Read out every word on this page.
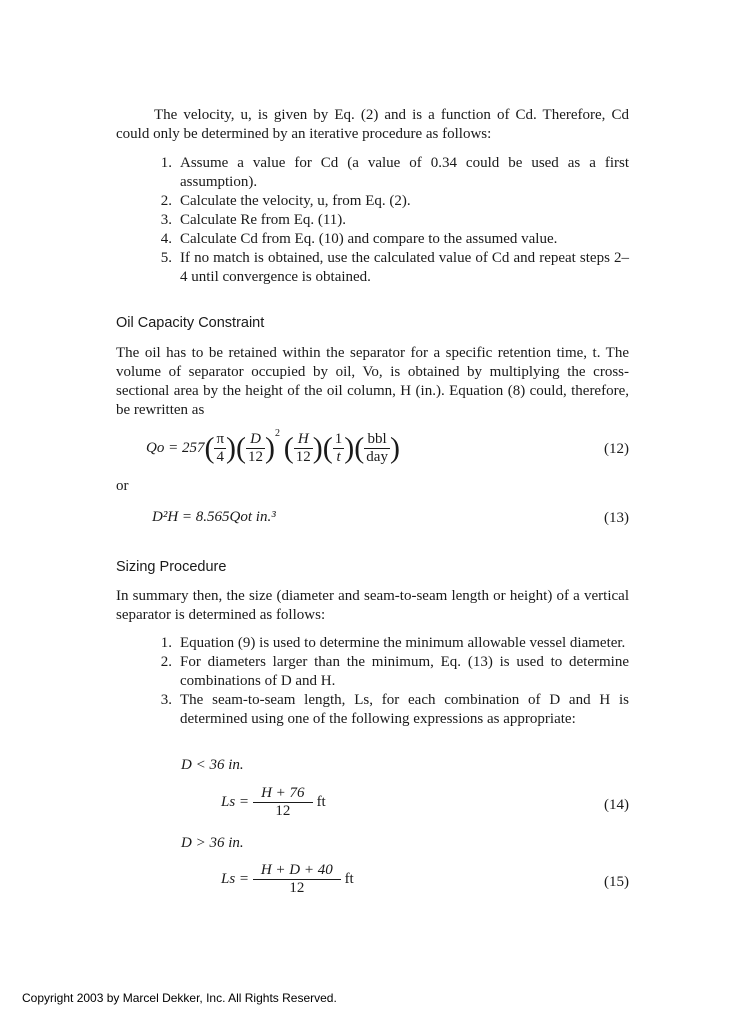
The velocity, u, is given by Eq. (2) and is a function of Cd. Therefore, Cd could only be determined by an iterative procedure as follows:

1. Assume a value for Cd (a value of 0.34 could be used as a first assumption).
2. Calculate the velocity, u, from Eq. (2).
3. Calculate Re from Eq. (11).
4. Calculate Cd from Eq. (10) and compare to the assumed value.
5. If no match is obtained, use the calculated value of Cd and repeat steps 2–4 until convergence is obtained.
Oil Capacity Constraint

The oil has to be retained within the separator for a specific retention time, t. The volume of separator occupied by oil, Vo, is obtained by multiplying the cross-sectional area by the height of the oil column, H (in.). Equation (8) could, therefore, be rewritten as

$Qo = 257( \frac{\pi}{4}$ )( $\frac{D}{12} )^2$ ( $\frac{H}{12}$ )( $\frac{1}{t}$ )( $\frac{\text{bbl}}{\text{day}}$ )	(12)
or
D²H = 8.565Qot in.³	(13)
Sizing Procedure

In summary then, the size (diameter and seam-to-seam length or height) of a vertical separator is determined as follows:

1. Equation (9) is used to determine the minimum allowable vessel diameter.
2. For diameters larger than the minimum, Eq. (13) is used to determine combinations of D and H.
3. The seam-to-seam length, Ls, for each combination of D and H is determined using one of the following expressions as appropriate:
D < 36 in.
$Ls = \frac{H + 76}{12}$ ft	(14)
D > 36 in.
$Ls = \frac{H + D + 40}{12}$ ft	(15)
Copyright 2003 by Marcel Dekker, Inc. All Rights Reserved.
